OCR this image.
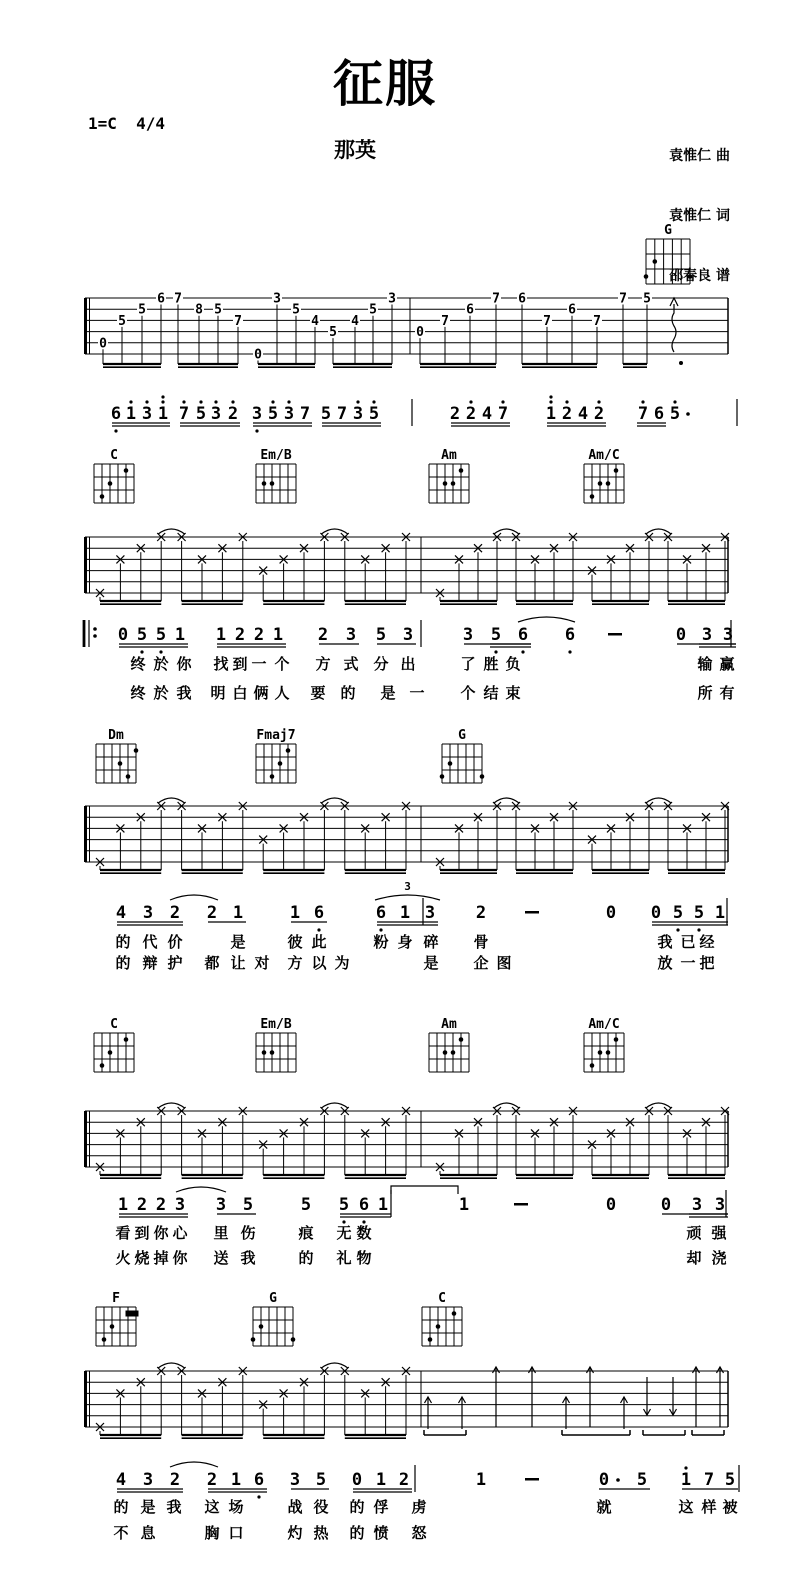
0
5
5
6 7
8 5
7
0
3
5
4
5
4
5
3
0
7
6
7 6
7
6
7
7 5
G
C	Em/B	Am	Am/C
Dm	Fmaj7	G
C	Em/B	Am	Am/C
F	G	C
6 1 3 1 7 5 3 2 3 5 3 7 5 7 3 5	2 2 4 7 1 2 4 2 7 6 5
0 5 5 1 1 2 2 1 2 3 5 3	3 5 6 6	0 3 3
4 3 2 2 1	1 6	6 1 3 2	0 0 5 5 1
3
1 2 2 3 3 5	5 5 6 1	1	0	0 3 3
4 3 2 2 1 6 3 5 0 1 2	1	0 5 1 7 5
终 於 你 找 到 一 个 方 式 分 出	了 胜 负	输 赢
终 於 我 明 白 俩 人 要 的 是 一 个 结 束	所 有
的 代 价	是	彼 此	粉 身 碎 骨	我 已 经
的 辩 护 都 让 对 方 以 为	是 企 图	放 一 把
看 到 你 心 里 伤	痕 无 数	顽 强
火 烧 掉 你 送 我	的 礼 物	却 浇
的 是 我 这 场	战 役 的 俘 虏	就	这 样 被
不 息	胸 口	灼 热 的 愤 怒
征服
1=C  4/4
那英

	袁惟仁 曲

袁惟仁 词

邵春良 谱
